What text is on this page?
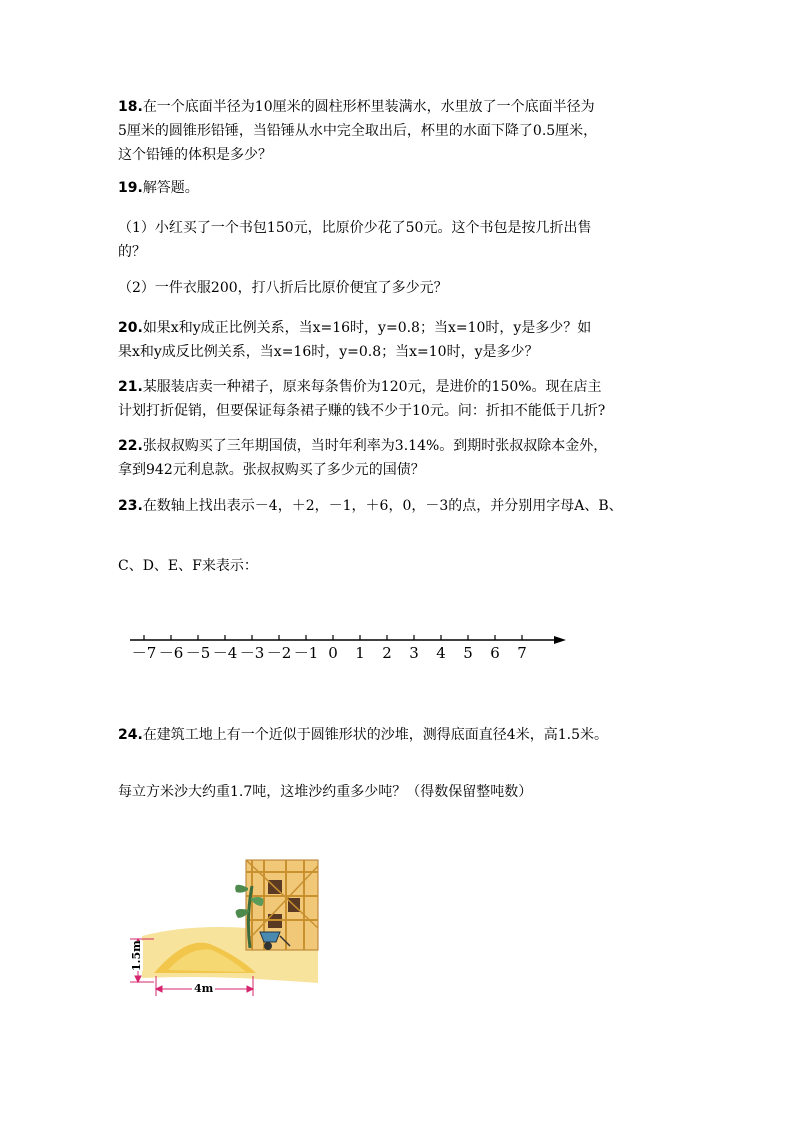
18.在一个底面半径为10厘米的圆柱形杯里装满水，水里放了一个底面半径为
5厘米的圆锥形铅锤，当铅锤从水中完全取出后，杯里的水面下降了0.5厘米，
这个铅锤的体积是多少？
19.解答题。
（1）小红买了一个书包150元，比原价少花了50元。这个书包是按几折出售
的？
（2）一件衣服200，打八折后比原价便宜了多少元？
20.如果x和y成正比例关系，当x=16时，y=0.8；当x=10时，y是多少？如
果x和y成反比例关系，当x=16时，y=0.8；当x=10时，y是多少？
21.某服装店卖一种裙子，原来每条售价为120元，是进价的150%。现在店主
计划打折促销，但要保证每条裙子赚的钱不少于10元。问：折扣不能低于几折?
22.张叔叔购买了三年期国债，当时年利率为3.14%。到期时张叔叔除本金外，
拿到942元利息款。张叔叔购买了多少元的国债？
23.在数轴上找出表示－4，＋2，－1，＋6，0，－3的点，并分别用字母A、B、
C、D、E、F来表示：
－7 －6 －5 －4 －3 －2 －1 0 1 2 3 4 5 6 7
24.在建筑工地上有一个近似于圆锥形状的沙堆，测得底面直径4米，高1.5米。
每立方米沙大约重1.7吨，这堆沙约重多少吨？（得数保留整吨数）
1.5m
4m
